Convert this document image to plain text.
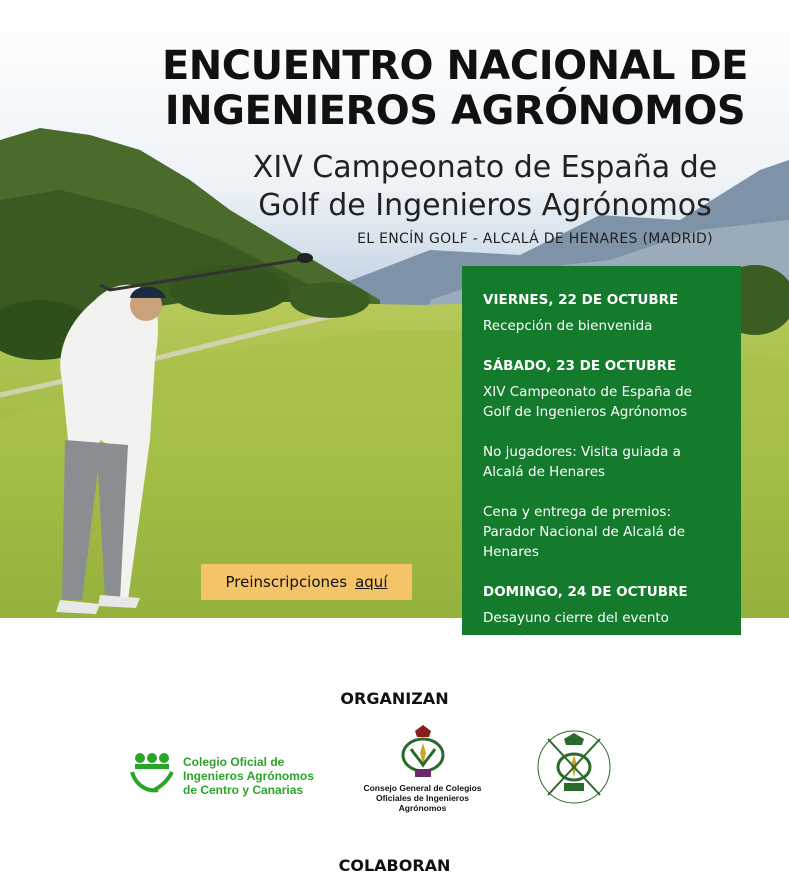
ENCUENTRO NACIONAL DE
INGENIEROS AGRÓNOMOS
XIV Campeonato de España de
Golf de Ingenieros Agrónomos
EL ENCÍN GOLF - ALCALÁ DE HENARES (MADRID)
Preinscripciones aquí
VIERNES, 22 DE OCTUBRE
Recepción de bienvenida
SÁBADO, 23 DE OCTUBRE
XIV Campeonato de España de Golf de Ingenieros Agrónomos
No jugadores: Visita guiada a Alcalá de Henares
Cena y entrega de premios: Parador Nacional de Alcalá de Henares
DOMINGO, 24 DE OCTUBRE
Desayuno cierre del evento
ORGANIZAN
Colegio Oficial de
Ingenieros Agrónomos
de Centro y Canarias	Consejo General de Colegios
Oficiales de Ingenieros
Agrónomos
COLABORAN
